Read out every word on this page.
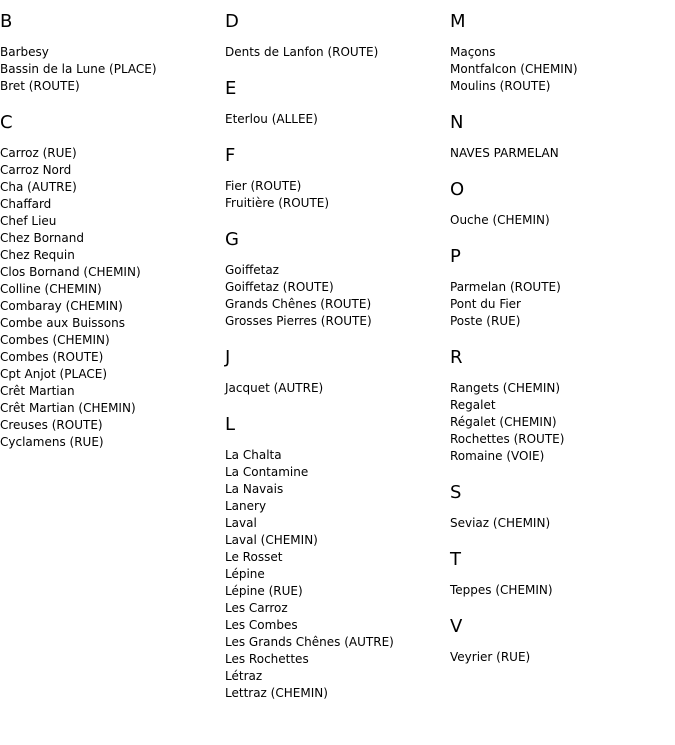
B
Barbesy
Bassin de la Lune (PLACE)
Bret (ROUTE)
C
Carroz (RUE)
Carroz Nord
Cha (AUTRE)
Chaffard
Chef Lieu
Chez Bornand
Chez Requin
Clos Bornand (CHEMIN)
Colline (CHEMIN)
Combaray (CHEMIN)
Combe aux Buissons
Combes (CHEMIN)
Combes (ROUTE)
Cpt Anjot (PLACE)
Crêt Martian
Crêt Martian (CHEMIN)
Creuses (ROUTE)
Cyclamens (RUE)
D
Dents de Lanfon (ROUTE)
E
Eterlou (ALLEE)
F
Fier (ROUTE)
Fruitière (ROUTE)
G
Goiffetaz
Goiffetaz (ROUTE)
Grands Chênes (ROUTE)
Grosses Pierres (ROUTE)
J
Jacquet (AUTRE)
L
La Chalta
La Contamine
La Navais
Lanery
Laval
Laval (CHEMIN)
Le Rosset
Lépine
Lépine (RUE)
Les Carroz
Les Combes
Les Grands Chênes (AUTRE)
Les Rochettes
Létraz
Lettraz (CHEMIN)
M
Maçons
Montfalcon (CHEMIN)
Moulins (ROUTE)
N
NAVES PARMELAN
O
Ouche (CHEMIN)
P
Parmelan (ROUTE)
Pont du Fier
Poste (RUE)
R
Rangets (CHEMIN)
Regalet
Régalet (CHEMIN)
Rochettes (ROUTE)
Romaine (VOIE)
S
Seviaz (CHEMIN)
T
Teppes (CHEMIN)
V
Veyrier (RUE)
